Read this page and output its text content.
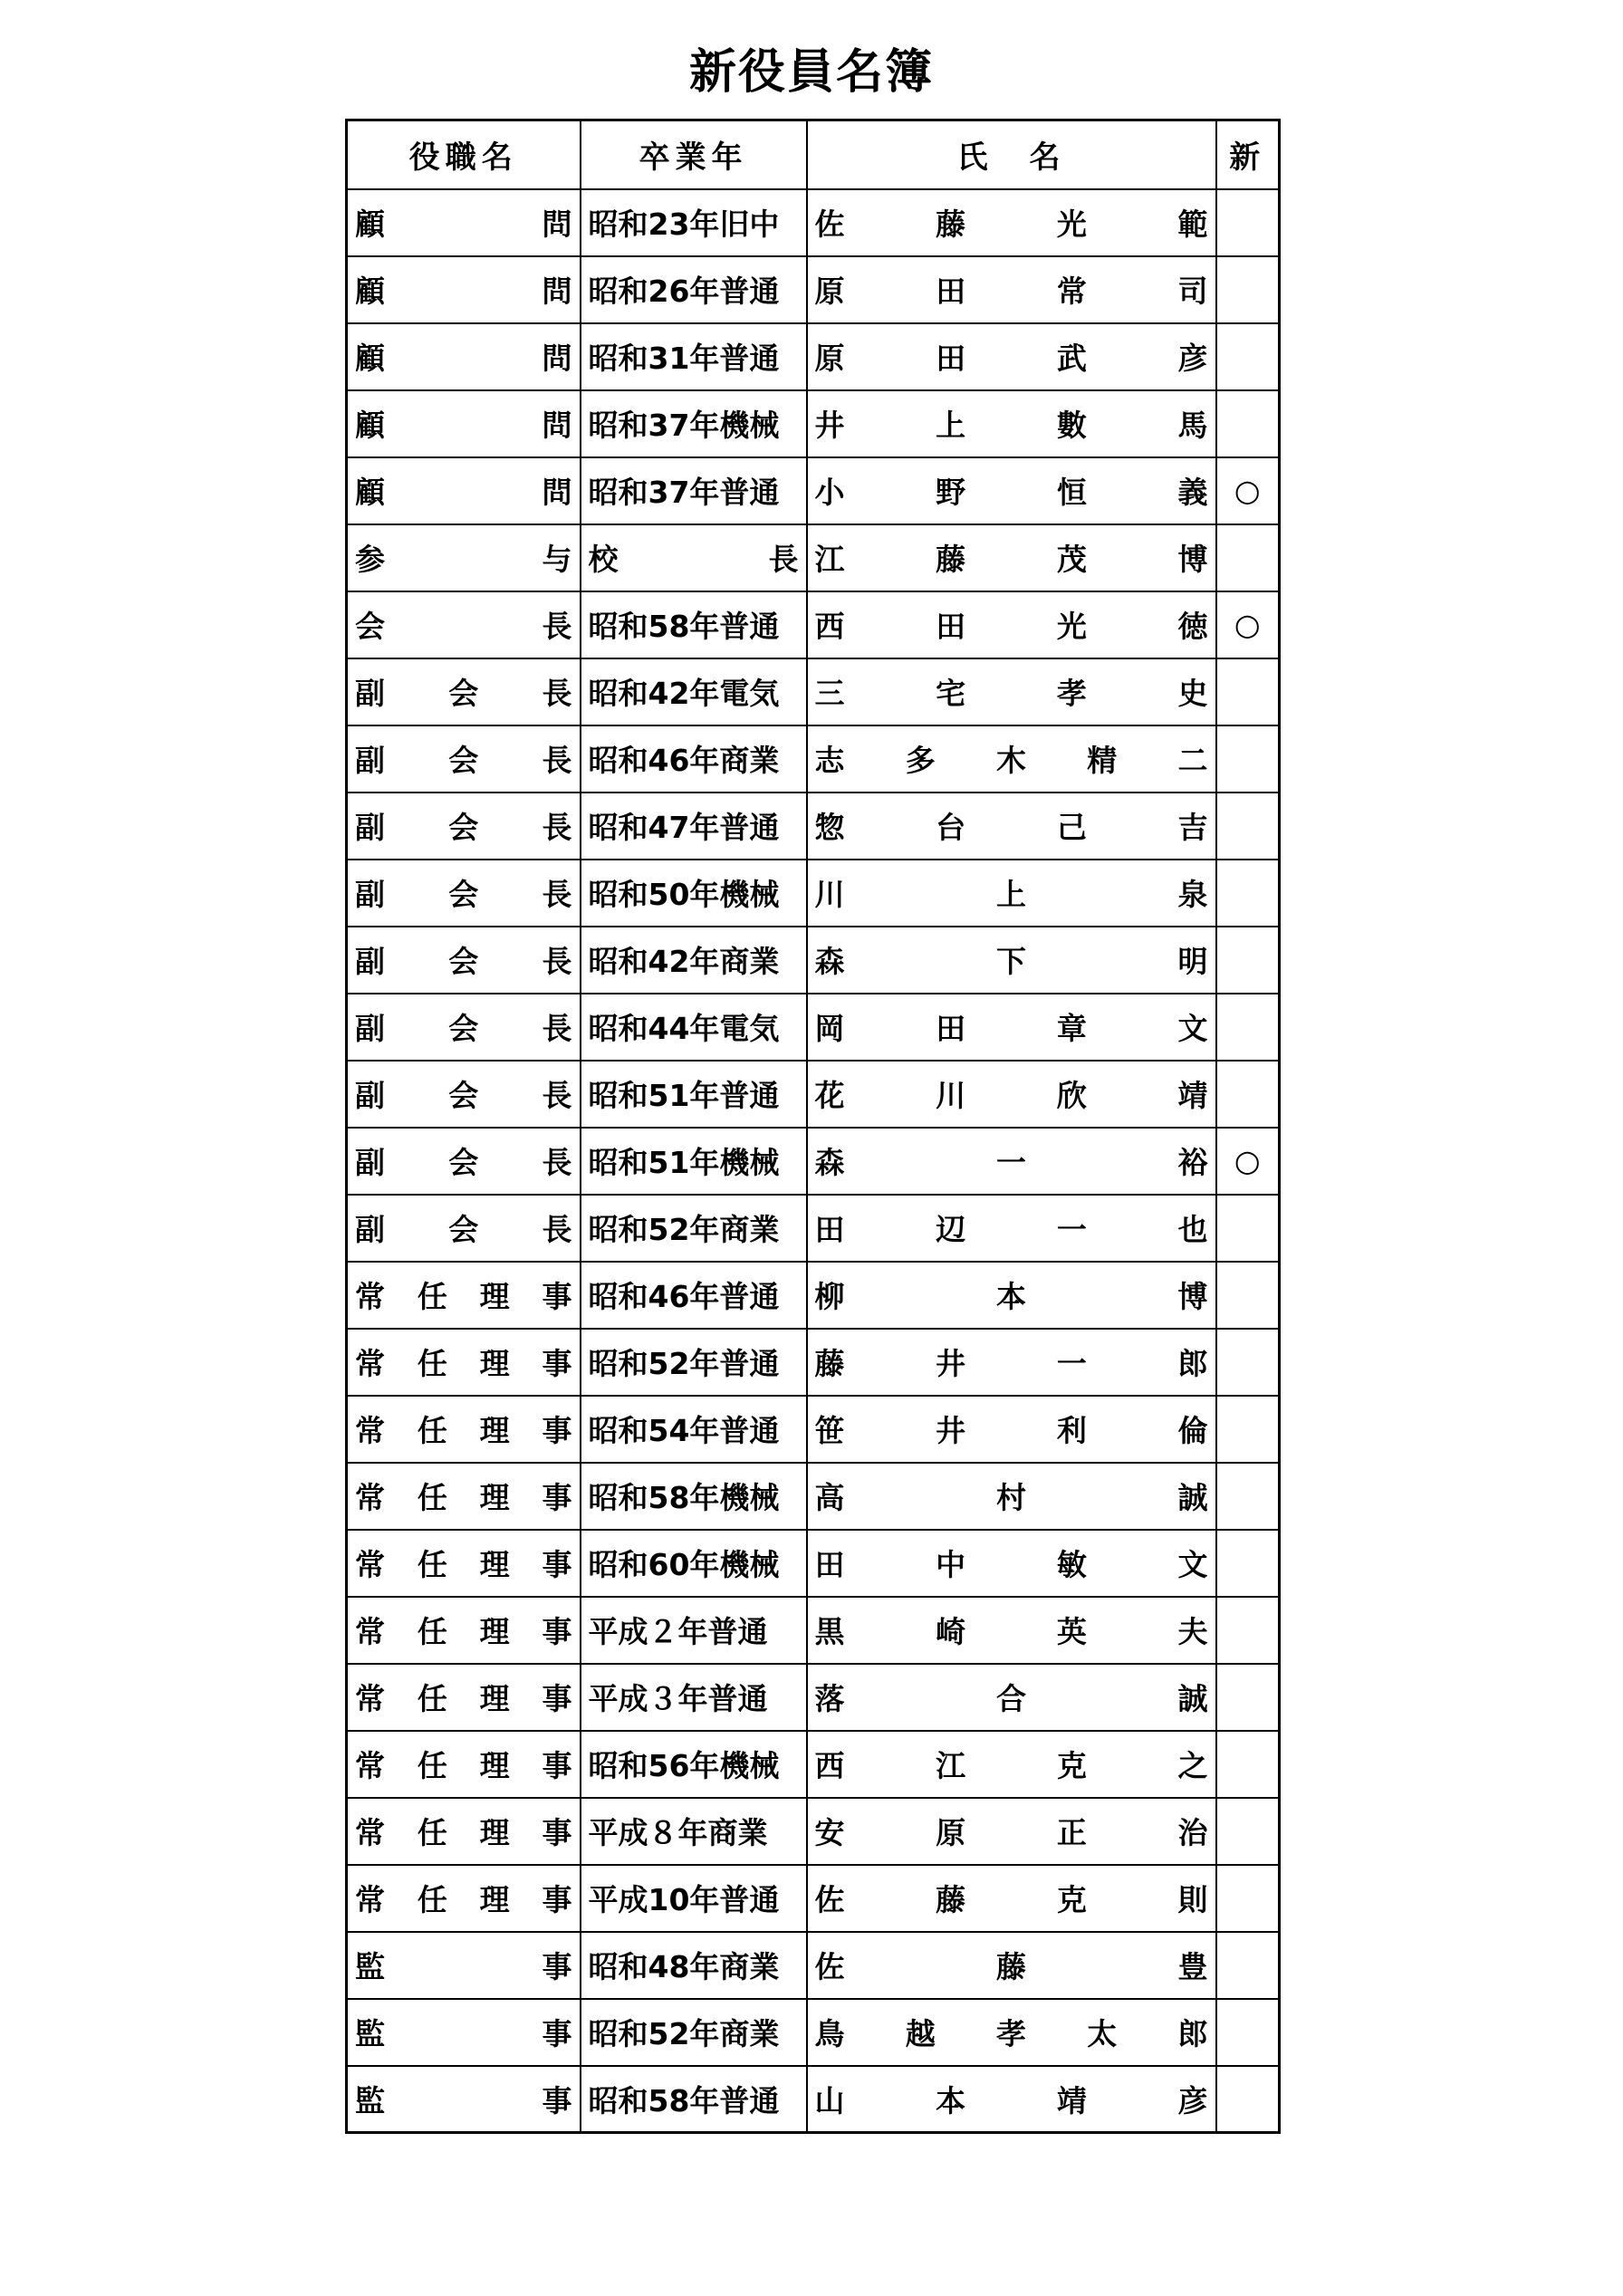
新役員名簿
役職名	卒業年	氏　名	新

顧 問	昭和23年旧中	佐 藤 光 範	

顧 問	昭和26年普通	原 田 常 司	

顧 問	昭和31年普通	原 田 武 彦	

顧 問	昭和37年機械	井 上 數 馬	

顧 問	昭和37年普通	小 野 恒 義	○

参 与	校 長	江 藤 茂 博	

会 長	昭和58年普通	西 田 光 徳	○

副 会 長	昭和42年電気	三 宅 孝 史	

副 会 長	昭和46年商業	志 多 木 精 二	

副 会 長	昭和47年普通	惣 台 己 吉	

副 会 長	昭和50年機械	川 上 泉	

副 会 長	昭和42年商業	森 下 明	

副 会 長	昭和44年電気	岡 田 章 文	

副 会 長	昭和51年普通	花 川 欣 靖	

副 会 長	昭和51年機械	森 一 裕	○

副 会 長	昭和52年商業	田 辺 一 也	

常 任 理 事	昭和46年普通	柳 本 博	

常 任 理 事	昭和52年普通	藤 井 一 郎	

常 任 理 事	昭和54年普通	笹 井 利 倫	

常 任 理 事	昭和58年機械	高 村 誠	

常 任 理 事	昭和60年機械	田 中 敏 文	

常 任 理 事	平成２年普通	黒 崎 英 夫	

常 任 理 事	平成３年普通	落 合 誠	

常 任 理 事	昭和56年機械	西 江 克 之	

常 任 理 事	平成８年商業	安 原 正 治	

常 任 理 事	平成10年普通	佐 藤 克 則	

監 事	昭和48年商業	佐 藤 豊	

監 事	昭和52年商業	鳥 越 孝 太 郎	

監 事	昭和58年普通	山 本 靖 彦	
